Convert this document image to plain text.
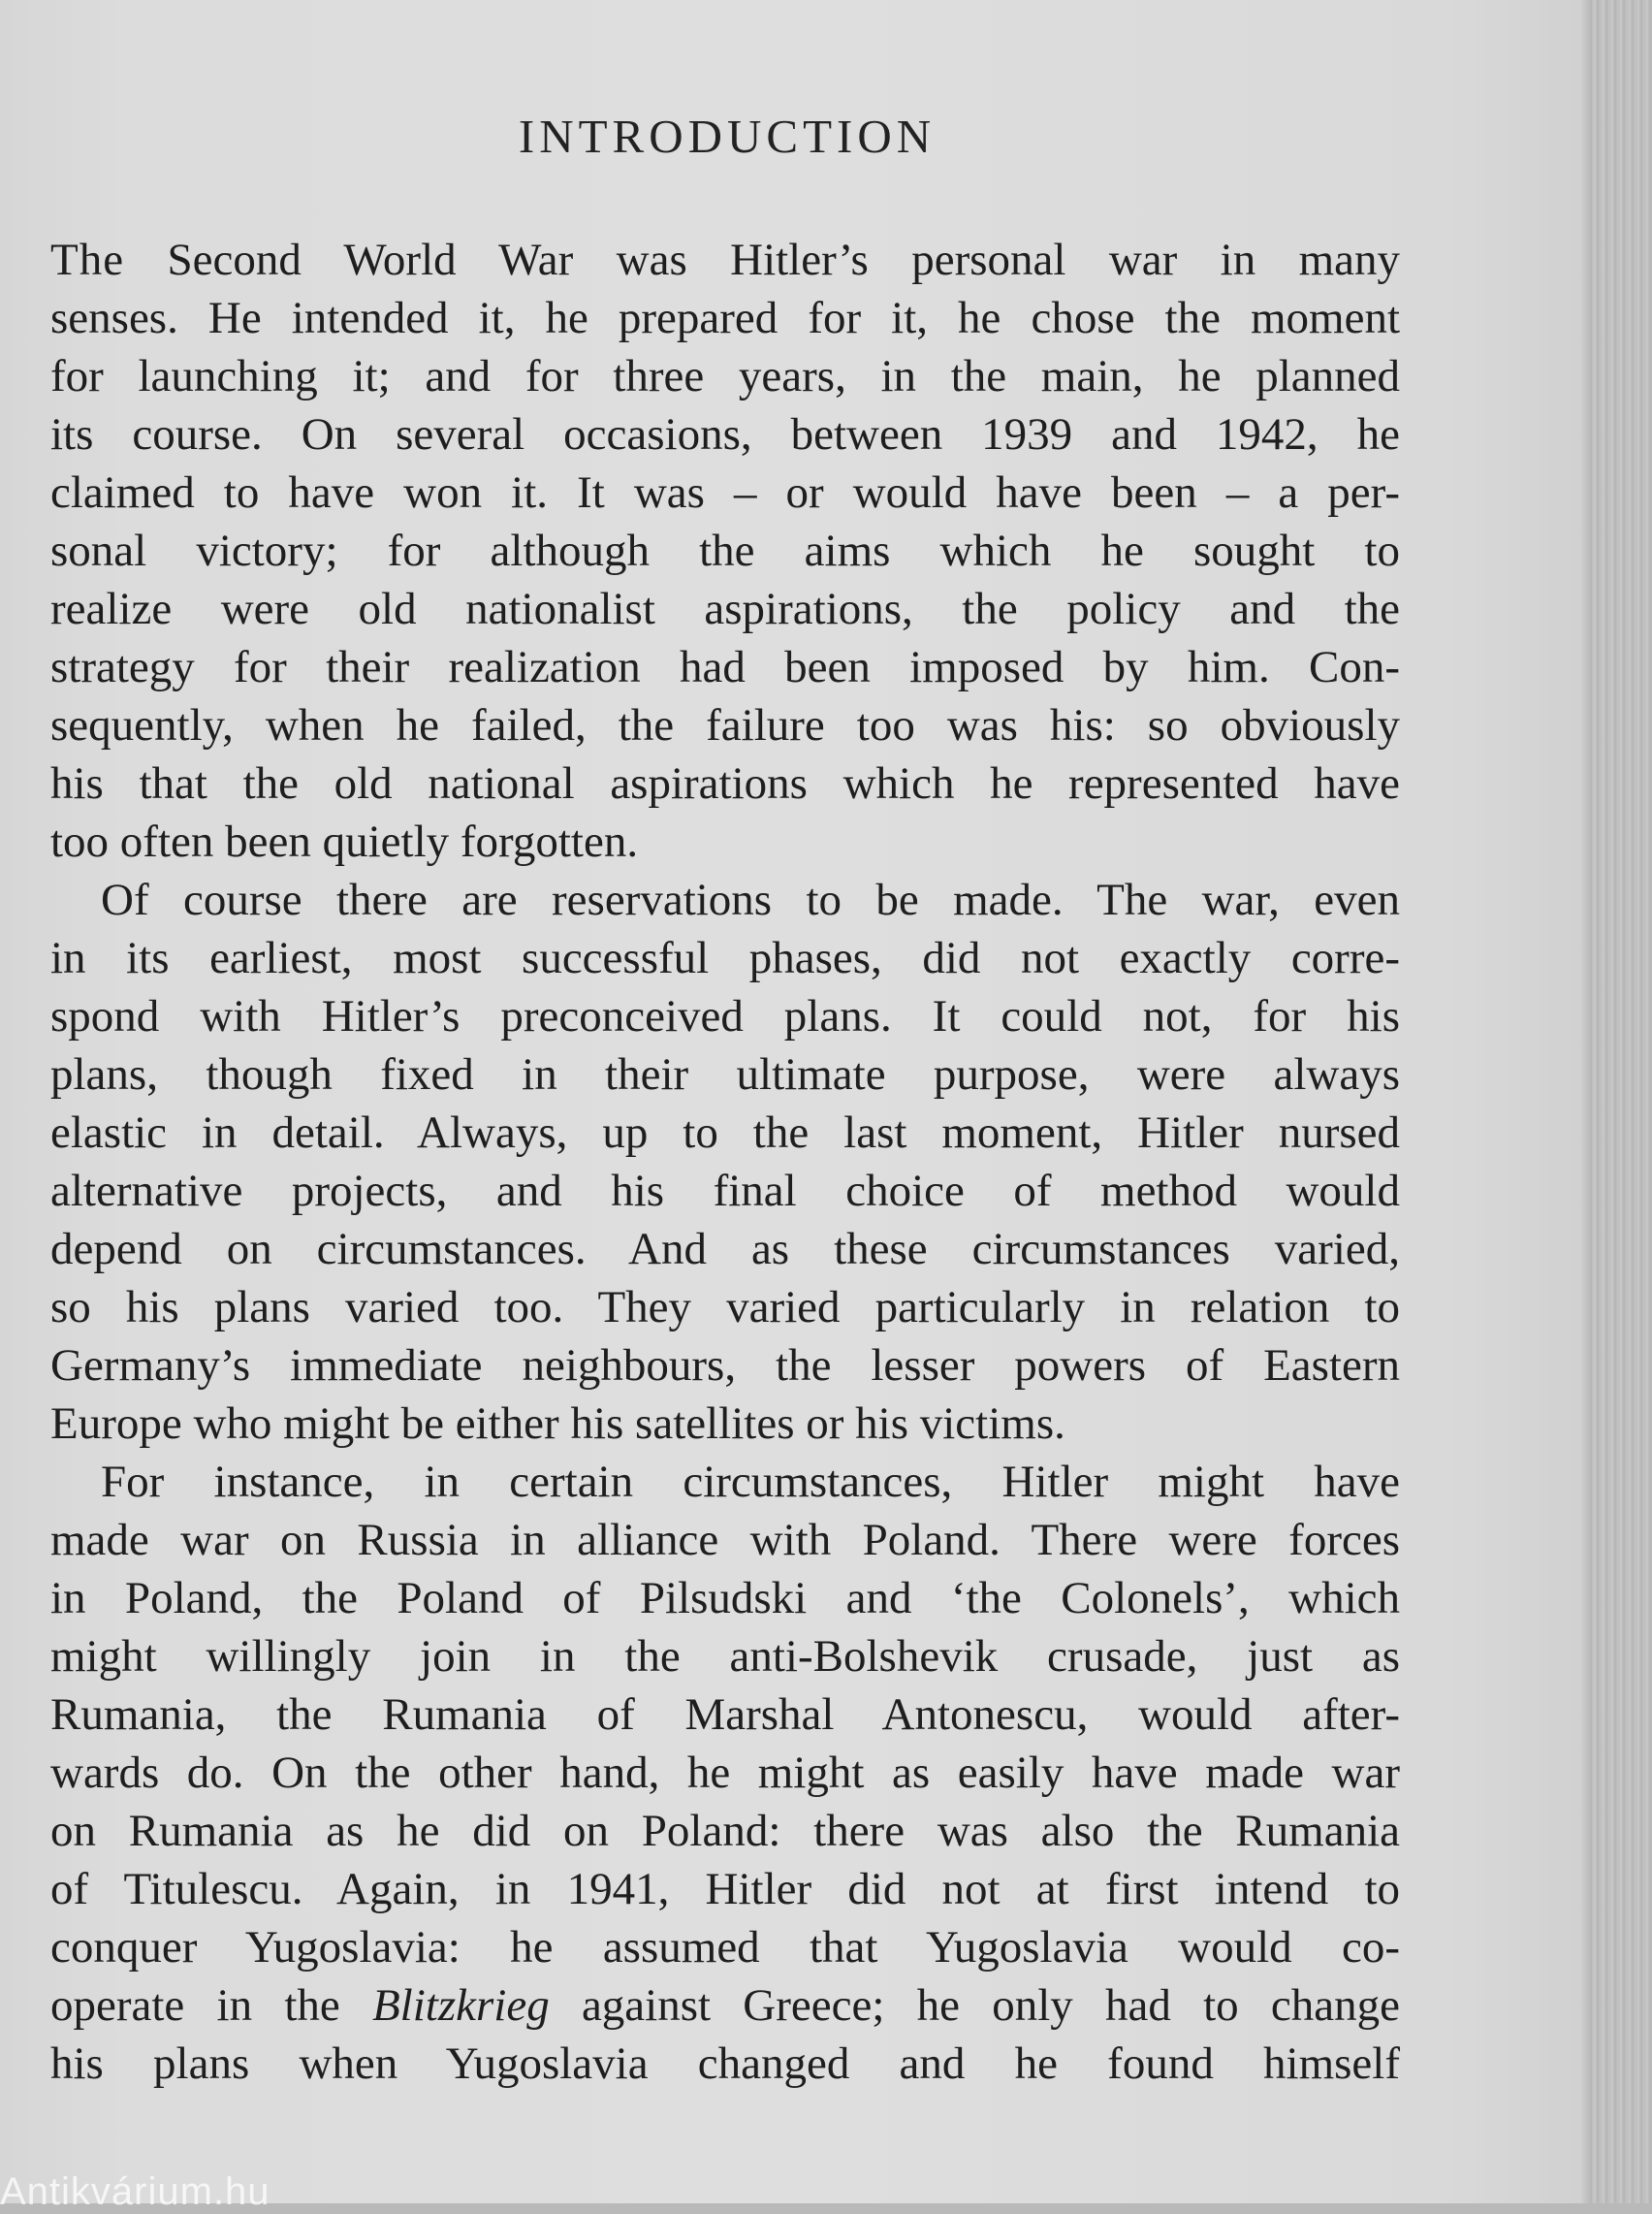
INTRODUCTION
The Second World War was Hitler’s personal war in many
senses. He intended it, he prepared for it, he chose the moment
for launching it; and for three years, in the main, he planned
its course. On several occasions, between 1939 and 1942, he
claimed to have won it. It was – or would have been – a per-
sonal victory; for although the aims which he sought to
realize were old nationalist aspirations, the policy and the
strategy for their realization had been imposed by him. Con-
sequently, when he failed, the failure too was his: so obviously
his that the old national aspirations which he represented have
too often been quietly forgotten.
Of course there are reservations to be made. The war, even
in its earliest, most successful phases, did not exactly corre-
spond with Hitler’s preconceived plans. It could not, for his
plans, though fixed in their ultimate purpose, were always
elastic in detail. Always, up to the last moment, Hitler nursed
alternative projects, and his final choice of method would
depend on circumstances. And as these circumstances varied,
so his plans varied too. They varied particularly in relation to
Germany’s immediate neighbours, the lesser powers of Eastern
Europe who might be either his satellites or his victims.
For instance, in certain circumstances, Hitler might have
made war on Russia in alliance with Poland. There were forces
in Poland, the Poland of Pilsudski and ‘the Colonels’, which
might willingly join in the anti-Bolshevik crusade, just as
Rumania, the Rumania of Marshal Antonescu, would after-
wards do. On the other hand, he might as easily have made war
on Rumania as he did on Poland: there was also the Rumania
of Titulescu. Again, in 1941, Hitler did not at first intend to
conquer Yugoslavia: he assumed that Yugoslavia would co-
operate in the Blitzkrieg against Greece; he only had to change
his plans when Yugoslavia changed and he found himself
Antikvárium.hu
